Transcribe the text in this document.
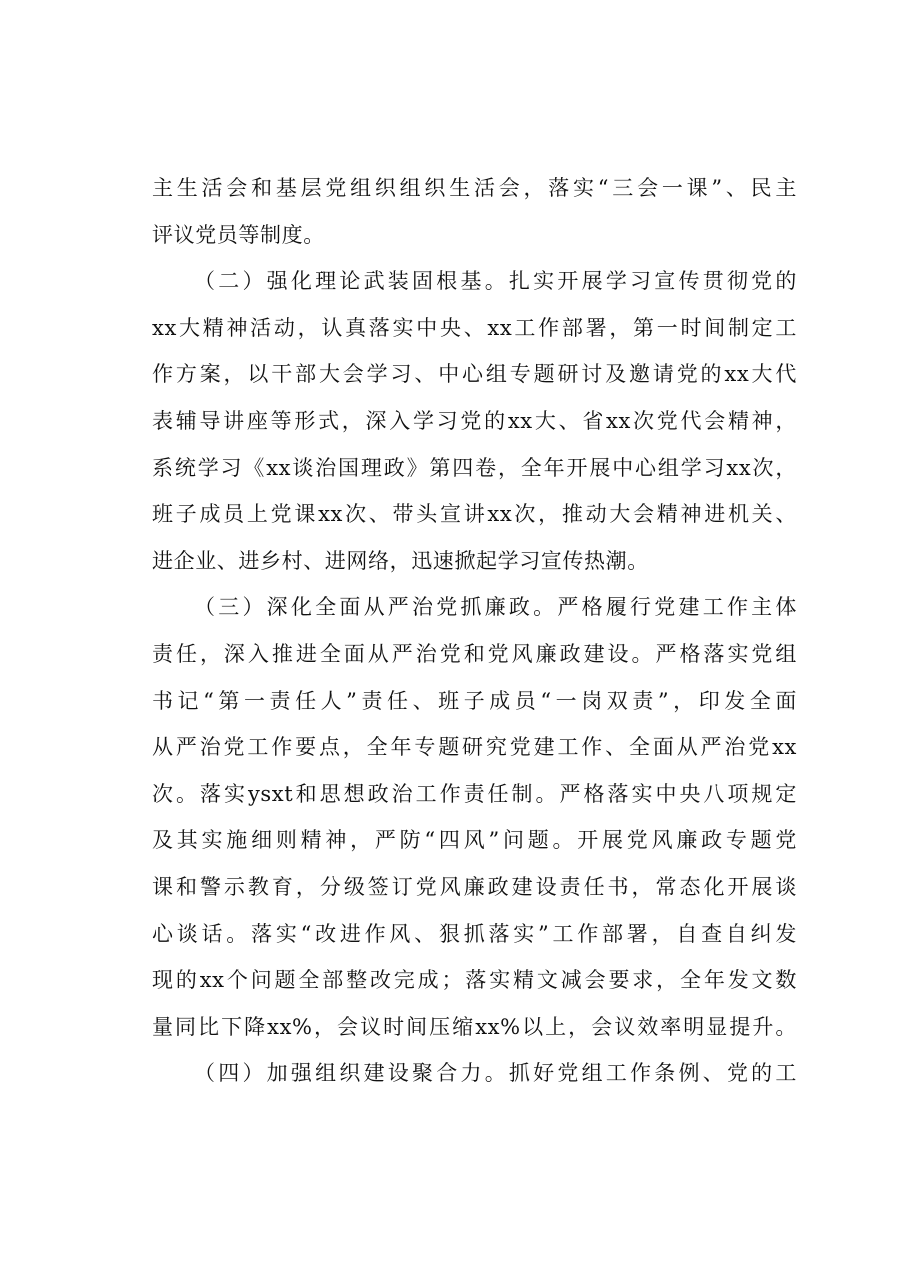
主生活会和基层党组织组织生活会，落实“三会一课”、民主
评议党员等制度。
（二）强化理论武装固根基。扎实开展学习宣传贯彻党的
xx大精神活动，认真落实中央、xx工作部署，第一时间制定工
作方案，以干部大会学习、中心组专题研讨及邀请党的xx大代
表辅导讲座等形式，深入学习党的xx大、省xx次党代会精神，
系统学习《xx谈治国理政》第四卷，全年开展中心组学习xx次，
班子成员上党课xx次、带头宣讲xx次，推动大会精神进机关、
进企业、进乡村、进网络，迅速掀起学习宣传热潮。
（三）深化全面从严治党抓廉政。严格履行党建工作主体
责任，深入推进全面从严治党和党风廉政建设。严格落实党组
书记“第一责任人”责任、班子成员“一岗双责”，印发全面
从严治党工作要点，全年专题研究党建工作、全面从严治党xx
次。落实ysxt和思想政治工作责任制。严格落实中央八项规定
及其实施细则精神，严防“四风”问题。开展党风廉政专题党
课和警示教育，分级签订党风廉政建设责任书，常态化开展谈
心谈话。落实“改进作风、狠抓落实”工作部署，自查自纠发
现的xx个问题全部整改完成；落实精文减会要求，全年发文数
量同比下降xx%，会议时间压缩xx%以上，会议效率明显提升。
（四）加强组织建设聚合力。抓好党组工作条例、党的工
